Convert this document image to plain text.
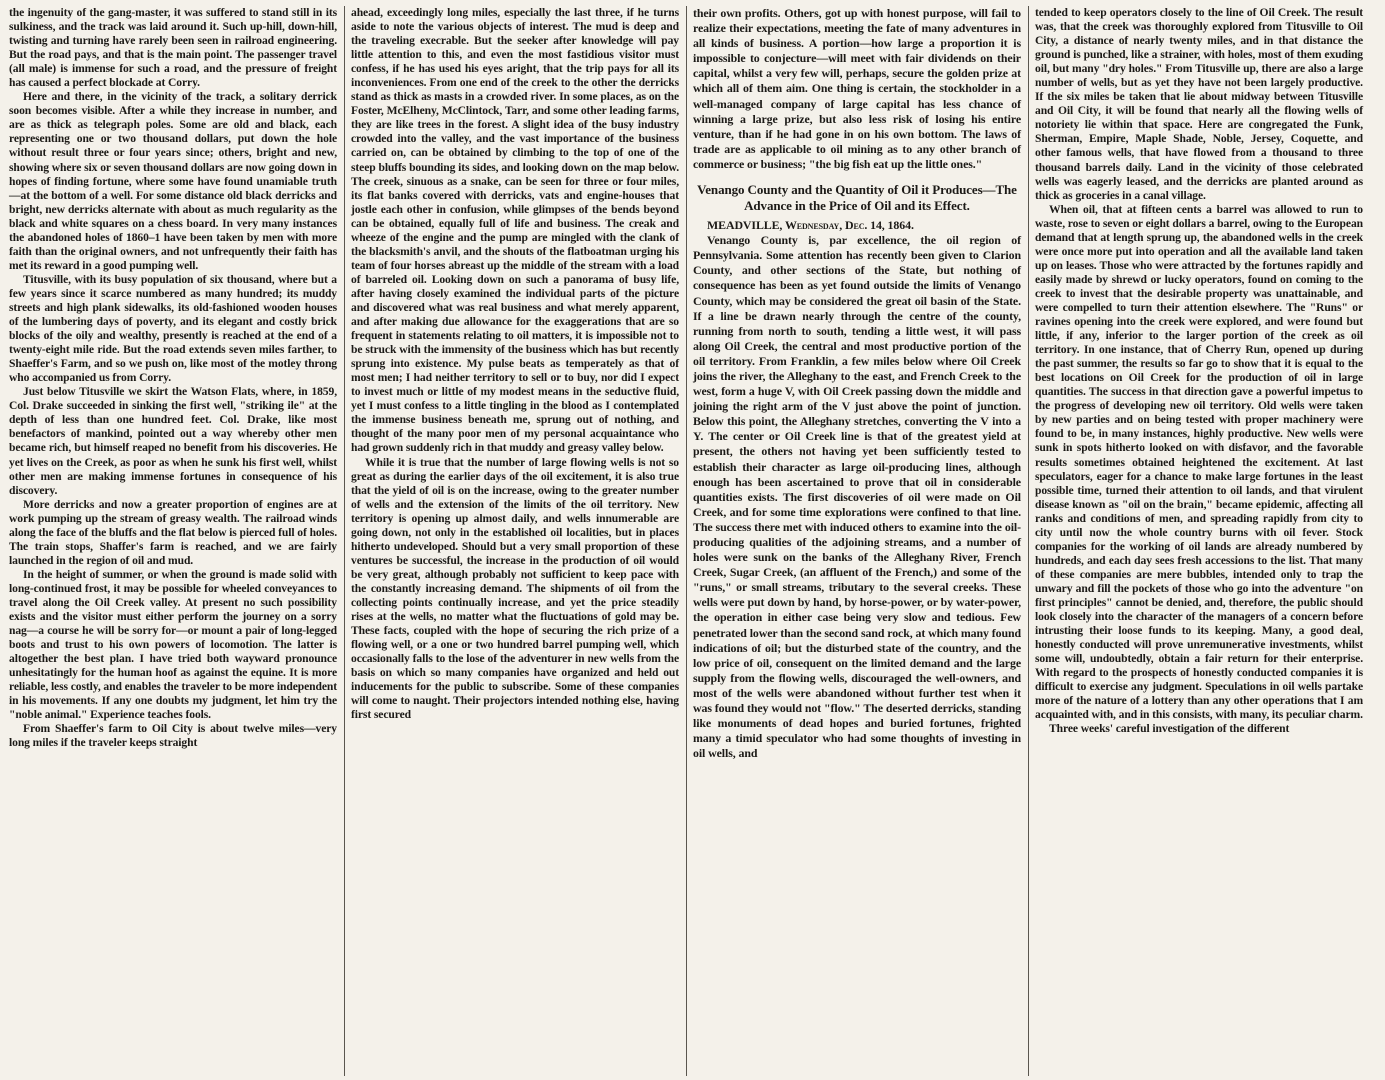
the ingenuity of the gang-master, it was suffered to stand still in its sulkiness, and the track was laid around it. Such up-hill, down-hill, twisting and turning have rarely been seen in railroad engineering. But the road pays, and that is the main point. The passenger travel (all male) is immense for such a road, and the pressure of freight has caused a perfect blockade at Corry.

Here and there, in the vicinity of the track, a solitary derrick soon becomes visible. After a while they increase in number, and are as thick as telegraph poles. Some are old and black, each representing one or two thousand dollars, put down the hole without result three or four years since; others, bright and new, showing where six or seven thousand dollars are now going down in hopes of finding fortune, where some have found unamiable truth—at the bottom of a well. For some distance old black derricks and bright, new derricks alternate with about as much regularity as the black and white squares on a chess board. In very many instances the abandoned holes of 1860–1 have been taken by men with more faith than the original owners, and not unfrequently their faith has met its reward in a good pumping well.

Titusville, with its busy population of six thousand, where but a few years since it scarce numbered as many hundred; its muddy streets and high plank sidewalks, its old-fashioned wooden houses of the lumbering days of poverty, and its elegant and costly brick blocks of the oily and wealthy, presently is reached at the end of a twenty-eight mile ride. But the road extends seven miles farther, to Shaeffer's Farm, and so we push on, like most of the motley throng who accompanied us from Corry.

Just below Titusville we skirt the Watson Flats, where, in 1859, Col. Drake succeeded in sinking the first well, "striking ile" at the depth of less than one hundred feet. Col. Drake, like most benefactors of mankind, pointed out a way whereby other men became rich, but himself reaped no benefit from his discoveries. He yet lives on the Creek, as poor as when he sunk his first well, whilst other men are making immense fortunes in consequence of his discovery.

More derricks and now a greater proportion of engines are at work pumping up the stream of greasy wealth. The railroad winds along the face of the bluffs and the flat below is pierced full of holes. The train stops, Shaffer's farm is reached, and we are fairly launched in the region of oil and mud.

In the height of summer, or when the ground is made solid with long-continued frost, it may be possible for wheeled conveyances to travel along the Oil Creek valley. At present no such possibility exists and the visitor must either perform the journey on a sorry nag—a course he will be sorry for—or mount a pair of long-legged boots and trust to his own powers of locomotion. The latter is altogether the best plan. I have tried both wayward pronounce unhesitatingly for the human hoof as against the equine. It is more reliable, less costly, and enables the traveler to be more independent in his movements. If any one doubts my judgment, let him try the "noble animal." Experience teaches fools.

From Shaeffer's farm to Oil City is about twelve miles—very long miles if the traveler keeps straight

ahead, exceedingly long miles, especially the last three, if he turns aside to note the various objects of interest. The mud is deep and the traveling execrable. But the seeker after knowledge will pay little attention to this, and even the most fastidious visitor must confess, if he has used his eyes aright, that the trip pays for all its inconveniences. From one end of the creek to the other the derricks stand as thick as masts in a crowded river. In some places, as on the Foster, McElheny, McClintock, Tarr, and some other leading farms, they are like trees in the forest. A slight idea of the busy industry crowded into the valley, and the vast importance of the business carried on, can be obtained by climbing to the top of one of the steep bluffs bounding its sides, and looking down on the map below. The creek, sinuous as a snake, can be seen for three or four miles, its flat banks covered with derricks, vats and engine-houses that jostle each other in confusion, while glimpses of the bends beyond can be obtained, equally full of life and business. The creak and wheeze of the engine and the pump are mingled with the clank of the blacksmith's anvil, and the shouts of the flatboatman urging his team of four horses abreast up the middle of the stream with a load of barreled oil. Looking down on such a panorama of busy life, after having closely examined the individual parts of the picture and discovered what was real business and what merely apparent, and after making due allowance for the exaggerations that are so frequent in statements relating to oil matters, it is impossible not to be struck with the immensity of the business which has but recently sprung into existence. My pulse beats as temperately as that of most men; I had neither territory to sell or to buy, nor did I expect to invest much or little of my modest means in the seductive fluid, yet I must confess to a little tingling in the blood as I contemplated the immense business beneath me, sprung out of nothing, and thought of the many poor men of my personal acquaintance who had grown suddenly rich in that muddy and greasy valley below.

While it is true that the number of large flowing wells is not so great as during the earlier days of the oil excitement, it is also true that the yield of oil is on the increase, owing to the greater number of wells and the extension of the limits of the oil territory. New territory is opening up almost daily, and wells innumerable are going down, not only in the established oil localities, but in places hitherto undeveloped. Should but a very small proportion of these ventures be successful, the increase in the production of oil would be very great, although probably not sufficient to keep pace with the constantly increasing demand. The shipments of oil from the collecting points continually increase, and yet the price steadily rises at the wells, no matter what the fluctuations of gold may be. These facts, coupled with the hope of securing the rich prize of a flowing well, or a one or two hundred barrel pumping well, which occasionally falls to the lose of the adventurer in new wells from the basis on which so many companies have organized and held out inducements for the public to subscribe. Some of these companies will come to naught. Their projectors intended nothing else, having first secured

their own profits. Others, got up with honest purpose, will fail to realize their expectations, meeting the fate of many adventures in all kinds of business. A portion—how large a proportion it is impossible to conjecture—will meet with fair dividends on their capital, whilst a very few will, perhaps, secure the golden prize at which all of them aim. One thing is certain, the stockholder in a well-managed company of large capital has less chance of winning a large prize, but also less risk of losing his entire venture, than if he had gone in on his own bottom. The laws of trade are as applicable to oil mining as to any other branch of commerce or business; "the big fish eat up the little ones."

Venango County and the Quantity of Oil it Produces—The Advance in the Price of Oil and its Effect.

MEADVILLE, Wednesday, Dec. 14, 1864.

Venango County is, par excellence, the oil region of Pennsylvania. Some attention has recently been given to Clarion County, and other sections of the State, but nothing of consequence has been as yet found outside the limits of Venango County, which may be considered the great oil basin of the State. If a line be drawn nearly through the centre of the county, running from north to south, tending a little west, it will pass along Oil Creek, the central and most productive portion of the oil territory. From Franklin, a few miles below where Oil Creek joins the river, the Alleghany to the east, and French Creek to the west, form a huge V, with Oil Creek passing down the middle and joining the right arm of the V just above the point of junction. Below this point, the Alleghany stretches, converting the V into a Y. The center or Oil Creek line is that of the greatest yield at present, the others not having yet been sufficiently tested to establish their character as large oil-producing lines, although enough has been ascertained to prove that oil in considerable quantities exists. The first discoveries of oil were made on Oil Creek, and for some time explorations were confined to that line. The success there met with induced others to examine into the oil-producing qualities of the adjoining streams, and a number of holes were sunk on the banks of the Alleghany River, French Creek, Sugar Creek, (an affluent of the French,) and some of the "runs," or small streams, tributary to the several creeks. These wells were put down by hand, by horse-power, or by water-power, the operation in either case being very slow and tedious. Few penetrated lower than the second sand rock, at which many found indications of oil; but the disturbed state of the country, and the low price of oil, consequent on the limited demand and the large supply from the flowing wells, discouraged the well-owners, and most of the wells were abandoned without further test when it was found they would not "flow." The deserted derricks, standing like monuments of dead hopes and buried fortunes, frighted many a timid speculator who had some thoughts of investing in oil wells, and

tended to keep operators closely to the line of Oil Creek. The result was, that the creek was thoroughly explored from Titusville to Oil City, a distance of nearly twenty miles, and in that distance the ground is punched, like a strainer, with holes, most of them exuding oil, but many "dry holes." From Titusville up, there are also a large number of wells, but as yet they have not been largely productive. If the six miles be taken that lie about midway between Titusville and Oil City, it will be found that nearly all the flowing wells of notoriety lie within that space. Here are congregated the Funk, Sherman, Empire, Maple Shade, Noble, Jersey, Coquette, and other famous wells, that have flowed from a thousand to three thousand barrels daily. Land in the vicinity of those celebrated wells was eagerly leased, and the derricks are planted around as thick as groceries in a canal village.

When oil, that at fifteen cents a barrel was allowed to run to waste, rose to seven or eight dollars a barrel, owing to the European demand that at length sprung up, the abandoned wells in the creek were once more put into operation and all the available land taken up on leases. Those who were attracted by the fortunes rapidly and easily made by shrewd or lucky operators, found on coming to the creek to invest that the desirable property was unattainable, and were compelled to turn their attention elsewhere. The "Runs" or ravines opening into the creek were explored, and were found but little, if any, inferior to the larger portion of the creek as oil territory. In one instance, that of Cherry Run, opened up during the past summer, the results so far go to show that it is equal to the best locations on Oil Creek for the production of oil in large quantities. The success in that direction gave a powerful impetus to the progress of developing new oil territory. Old wells were taken by new parties and on being tested with proper machinery were found to be, in many instances, highly productive. New wells were sunk in spots hitherto looked on with disfavor, and the favorable results sometimes obtained heightened the excitement. At last speculators, eager for a chance to make large fortunes in the least possible time, turned their attention to oil lands, and that virulent disease known as "oil on the brain," became epidemic, affecting all ranks and conditions of men, and spreading rapidly from city to city until now the whole country burns with oil fever. Stock companies for the working of oil lands are already numbered by hundreds, and each day sees fresh accessions to the list. That many of these companies are mere bubbles, intended only to trap the unwary and fill the pockets of those who go into the adventure "on first principles" cannot be denied, and, therefore, the public should look closely into the character of the managers of a concern before intrusting their loose funds to its keeping. Many, a good deal, honestly conducted will prove unremunerative investments, whilst some will, undoubtedly, obtain a fair return for their enterprise. With regard to the prospects of honestly conducted companies it is difficult to exercise any judgment. Speculations in oil wells partake more of the nature of a lottery than any other operations that I am acquainted with, and in this consists, with many, its peculiar charm.

Three weeks' careful investigation of the different
